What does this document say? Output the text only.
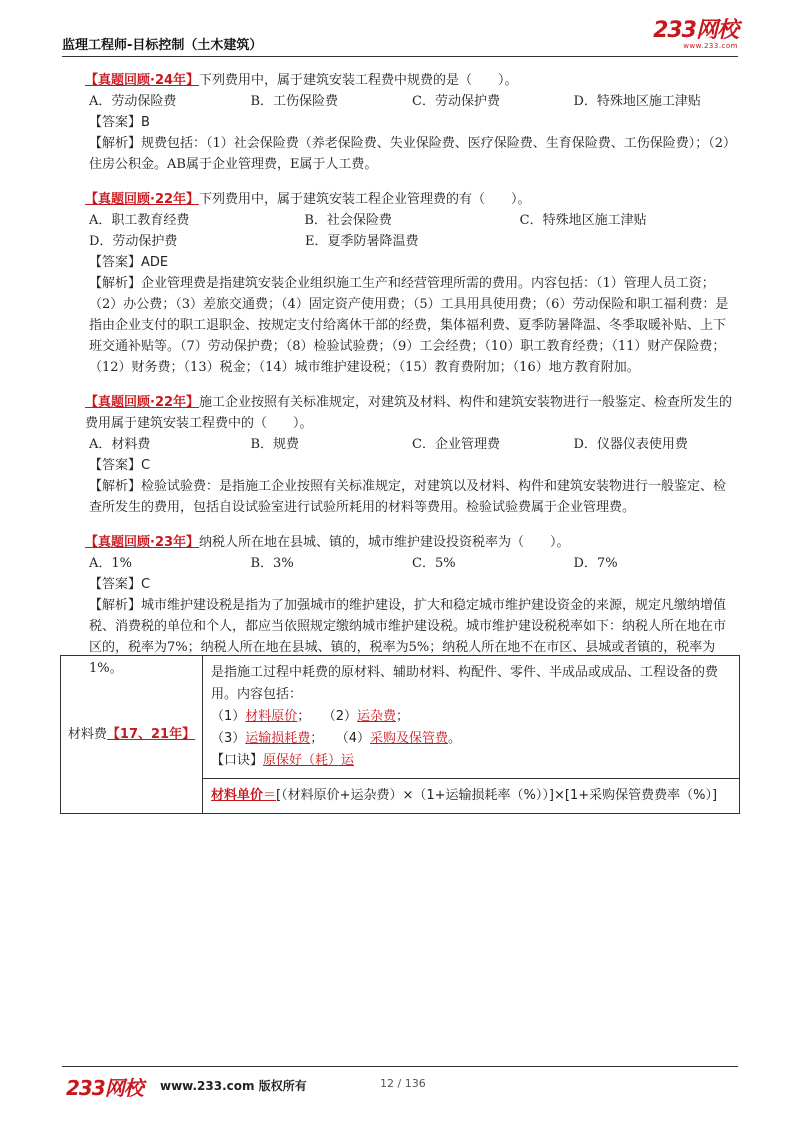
监理工程师-目标控制（土木建筑）
233网校
www.233.com
【真题回顾·24年】下列费用中，属于建筑安装工程费中规费的是（　　）。
A．劳动保险费	B．工伤保险费	C．劳动保护费	D．特殊地区施工津贴
【答案】B
【解析】规费包括：（1）社会保险费（养老保险费、失业保险费、医疗保险费、生育保险费、工伤保险费）；（2）住房公积金。AB属于企业管理费，E属于人工费。
【真题回顾·22年】下列费用中，属于建筑安装工程企业管理费的有（　　）。
A．职工教育经费	B．社会保险费	C．特殊地区施工津贴
D．劳动保护费	E．夏季防暑降温费
【答案】ADE
【解析】企业管理费是指建筑安装企业组织施工生产和经营管理所需的费用。内容包括：（1）管理人员工资；（2）办公费；（3）差旅交通费；（4）固定资产使用费；（5）工具用具使用费；（6）劳动保险和职工福利费：是指由企业支付的职工退职金、按规定支付给离休干部的经费，集体福利费、夏季防暑降温、冬季取暖补贴、上下班交通补贴等。（7）劳动保护费；（8）检验试验费；（9）工会经费；（10）职工教育经费；（11）财产保险费；（12）财务费；（13）税金；（14）城市维护建设税；（15）教育费附加；（16）地方教育附加。
【真题回顾·22年】施工企业按照有关标准规定，对建筑及材料、构件和建筑安装物进行一般鉴定、检查所发生的费用属于建筑安装工程费中的（　　）。
A．材料费	B．规费	C．企业管理费	D．仪器仪表使用费
【答案】C
【解析】检验试验费：是指施工企业按照有关标准规定，对建筑以及材料、构件和建筑安装物进行一般鉴定、检查所发生的费用，包括自设试验室进行试验所耗用的材料等费用。检验试验费属于企业管理费。
【真题回顾·23年】纳税人所在地在县城、镇的，城市维护建设投资税率为（　　）。
A．1%	B．3%	C．5%	D．7%
【答案】C
【解析】城市维护建设税是指为了加强城市的维护建设，扩大和稳定城市维护建设资金的来源，规定凡缴纳增值税、消费税的单位和个人，都应当依照规定缴纳城市维护建设税。城市维护建设税税率如下：纳税人所在地在市区的，税率为7%；纳税人所在地在县城、镇的，税率为5%；纳税人所在地不在市区、县城或者镇的，税率为1%。
材料费【17、21年】	
是指施工过程中耗费的原材料、辅助材料、构配件、零件、半成品或成品、工程设备的费用。内容包括：
（1）材料原价； （2）运杂费；
（3）运输损耗费； （4）采购及保管费。
【口诀】原保好（耗）运

材料单价＝[（材料原价+运杂费）×（1+运输损耗率（%））]×[1+采购保管费费率（%）]
233网校 www.233.com 版权所有	12 / 136
